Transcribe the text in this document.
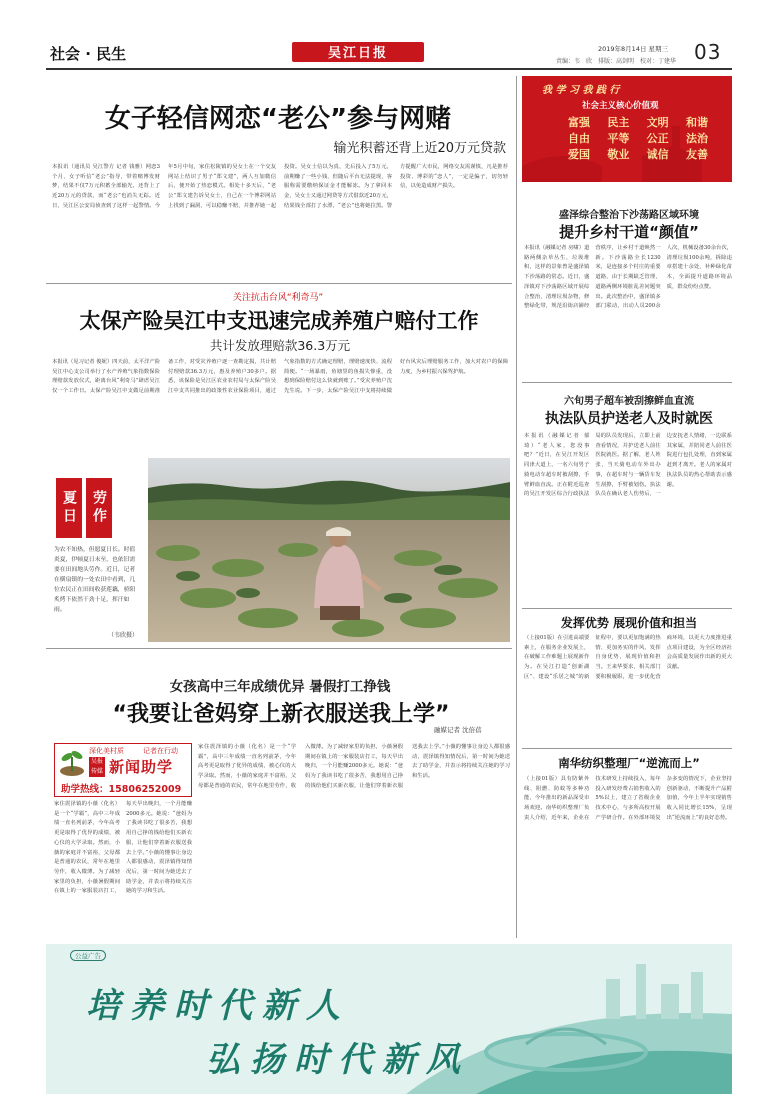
社会 · 民生	吴江日报	2019年8月14日 星期三
责编：韦　欣　排版：高剑明　校对：丁建华 03
女子轻信网恋“老公”参与网赌
输光积蓄还背上近20万元贷款
本报讯（通讯员 吴江警方 记者 钱雅）网恋3个月，女子听信“老公”指导，带着赌博发财梦，结果不仅7万元积蓄全部输光，还背上了近20万元的贷款，而“老公”也消失无踪。近日，吴江区公安局侦查到了这样一起警情。今年5月中旬，家住松陵镇的吴女士在一个交友网站上结识了男子“郑文建”，两人互加微信后，便开始了热恋模式。相处十多天后，“老公”郑文建告诉吴女士，自己在一个博彩网站上找到了漏洞，可以稳赚不赔，并推荐她一起投资。吴女士信以为真，先后投入了5万元，前期赚了一些小钱，但随后平台无法提现，客服称需要缴纳保证金才能解冻。为了拿回本金，吴女士又通过网贷等方式借款近20万元，结果钱全部打了水漂，“老公”也将她拉黑。警方提醒广大市民，网络交友需谨慎，凡是推荐投资、博彩的“恋人”，一定是骗子，切勿轻信，以免造成财产损失。
关注抗击台风“利奇马”
太保产险吴江中支迅速完成养殖户赔付工作
共计发放理赔款36.3万元
本报讯（见习记者 俊妮）四天前，太平洋产险吴江中心支公司举行了水产养殖气象指数保险理赔款发放仪式，距离台风“利奇马”肆虐吴江仅一个工作日。太保产险吴江中支做足前期准备工作，对受灾养殖户逐一查勘定损，共计赔付理赔款36.3万元，惠及养殖户30多户。据悉，该保险是吴江区农业农村局与太保产险吴江中支共同推出的政策性农业保险项目，通过气象指数的方式确定理赔，理赔速度快、流程简便。“一场暴雨，鱼塘里的鱼损失惨重，没想到保险赔付这么快就到账了。”受灾养殖户沈先生说。下一步，太保产险吴江中支将持续做好台风灾后理赔服务工作，加大对农户的保障力度，为乡村振兴保驾护航。
夏日 劳作
为农不知热，但愿夏日长。时值炎夏，伊顿夏日未至，也依旧需要在田间地头劳作。近日，记者在横扇镇的一处农田中看到，几位农民正在田间收获莲藕，骄阳炙烤下依然干劲十足，挥汗如雨。
（韦欣摄）
女孩高中三年成绩优异 暑假打工挣钱
“我要让爸妈穿上新衣服送我上学”
融媒记者 沈倍蓓
深化美村质	记者在行动
吴报传媒 新闻助学
助学热线：15806252009
家住震泽镇的小薇（化名）是一个“学霸”，高中三年成绩一直名列前茅，今年高考更是取得了优异的成绩，被心仪的大学录取。然而，小薇的家庭并不富裕，父母都是普通的农民，常年在地里劳作，收入微薄。为了减轻家里的负担，小薇暑假期间在镇上的一家服装店打工，每天早出晚归，一个月能赚2000多元。她说：“爸妈为了我读书吃了很多苦，我想用自己挣的钱给他们买新衣服，让他们穿着新衣服送我去上学。”小薇的懂事让身边人都很感动，震泽镇得知情况后，第一时间为她送去了助学金，并表示将持续关注她的学习和生活。
家住震泽镇的小薇（化名）是一个“学霸”，高中三年成绩一直名列前茅，今年高考更是取得了优异的成绩，被心仪的大学录取。然而，小薇的家庭并不富裕，父母都是普通的农民，常年在地里劳作，收入微薄。为了减轻家里的负担，小薇暑假期间在镇上的一家服装店打工，每天早出晚归，一个月能赚2000多元。她说：“爸妈为了我读书吃了很多苦，我想用自己挣的钱给他们买新衣服，让他们穿着新衣服送我去上学。”小薇的懂事让身边人都很感动，震泽镇得知情况后，第一时间为她送去了助学金，并表示将持续关注她的学习和生活。
我 学 习 我 践 行
社会主义核心价值观
富强 民主 文明 和谐
自由 平等 公正 法治
爱国 敬业 诚信 友善
盛泽综合整治下沙荡路区域环境
提升乡村干道“颜值”
本报讯（融媒记者 房啸）道路两侧杂草丛生，垃圾堆积，这样的景象曾是盛泽镇下沙荡路的常态。近日，盛泽镇对下沙荡路区域开展综合整治，清理垃圾杂物，修整绿化带，规范沿街店铺经营秩序，让乡村干道焕然一新。下沙荡路全长1230米，是连接多个村庄的重要道路，由于长期缺乏管理，道路两侧环境脏乱差问题突出。此次整治中，盛泽镇多部门联动，出动人员200余人次，机械设备30余台次，清理垃圾100余吨，拆除违章搭建十余处，补种绿化苗木，全面提升道路环境品质，群众纷纷点赞。
六旬男子超车被刮擦鲜血直流
执法队员护送老人及时就医
本报讯（融媒记者 郁琦）“老人家，您没事吧？”近日，在吴江开发区同津大道上，一名六旬男子骑电动车超车时被刮擦，手臂鲜血直流。正在附近巡查的吴江开发区综合行政执法局的队员发现后，立即上前查看情况，并护送老人前往医院就医。据了解，老人姓张，当天骑电动车外出办事，在超车时与一辆货车发生刮擦，手臂被划伤。执法队员在确认老人伤势后，一边安抚老人情绪，一边联系其家属，并陪同老人前往医院进行包扎处理，直到家属赶到才离开。老人的家属对执法队员的热心帮助表示感谢。
发挥优势 展现价值和担当
（上接01版）在引进高端要素上，在服务企业发展上，在破解工作难题上展现新作为。在吴江打造“创新湖区”、建设“乐居之城”的新征程中，要以更加饱满的热情、更加务实的作风，发挥自身优势，展现价值和担当。王来华要求，相关部门要积极履职，进一步优化营商环境，以更大力度推进重点项目建设，为全区经济社会高质量发展作出新的更大贡献。
南华纺织整理厂“逆流而上”
（上接01版）具有防紫外线、阻燃、防蚊等多种功能，今年推出的新品深受市场欢迎。南华纺织整理厂负责人介绍，近年来，企业在技术研发上持续投入，每年投入研发经费占销售收入的5%以上，建立了省级企业技术中心，与多所高校开展产学研合作。在外部环境复杂多变的情况下，企业坚持创新驱动，不断提升产品附加值，今年上半年实现销售收入同比增长15%，呈现出“逆流而上”的良好态势。
公益广告
培养时代新人
弘扬时代新风
